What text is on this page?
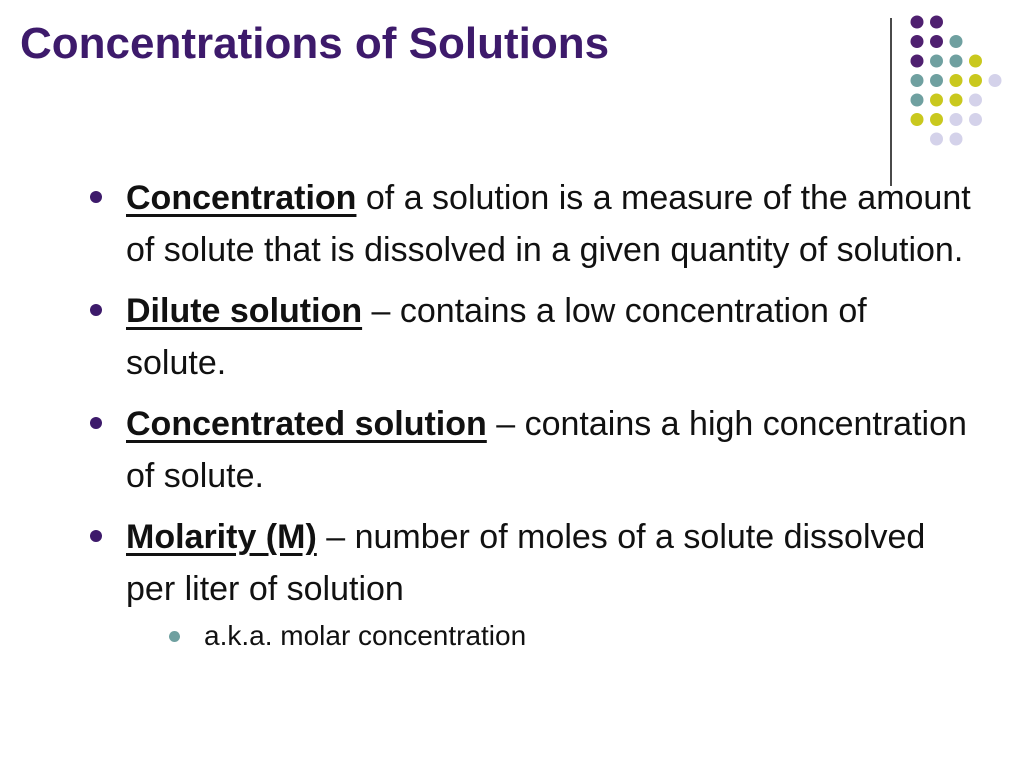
Concentrations of Solutions
Concentration of a solution is a measure of the amount of solute that is dissolved in a given quantity of solution.
Dilute solution – contains a low concentration of solute.
Concentrated solution – contains a high concentration of solute.
Molarity (M) – number of moles of a solute dissolved per liter of solution
a.k.a. molar concentration
